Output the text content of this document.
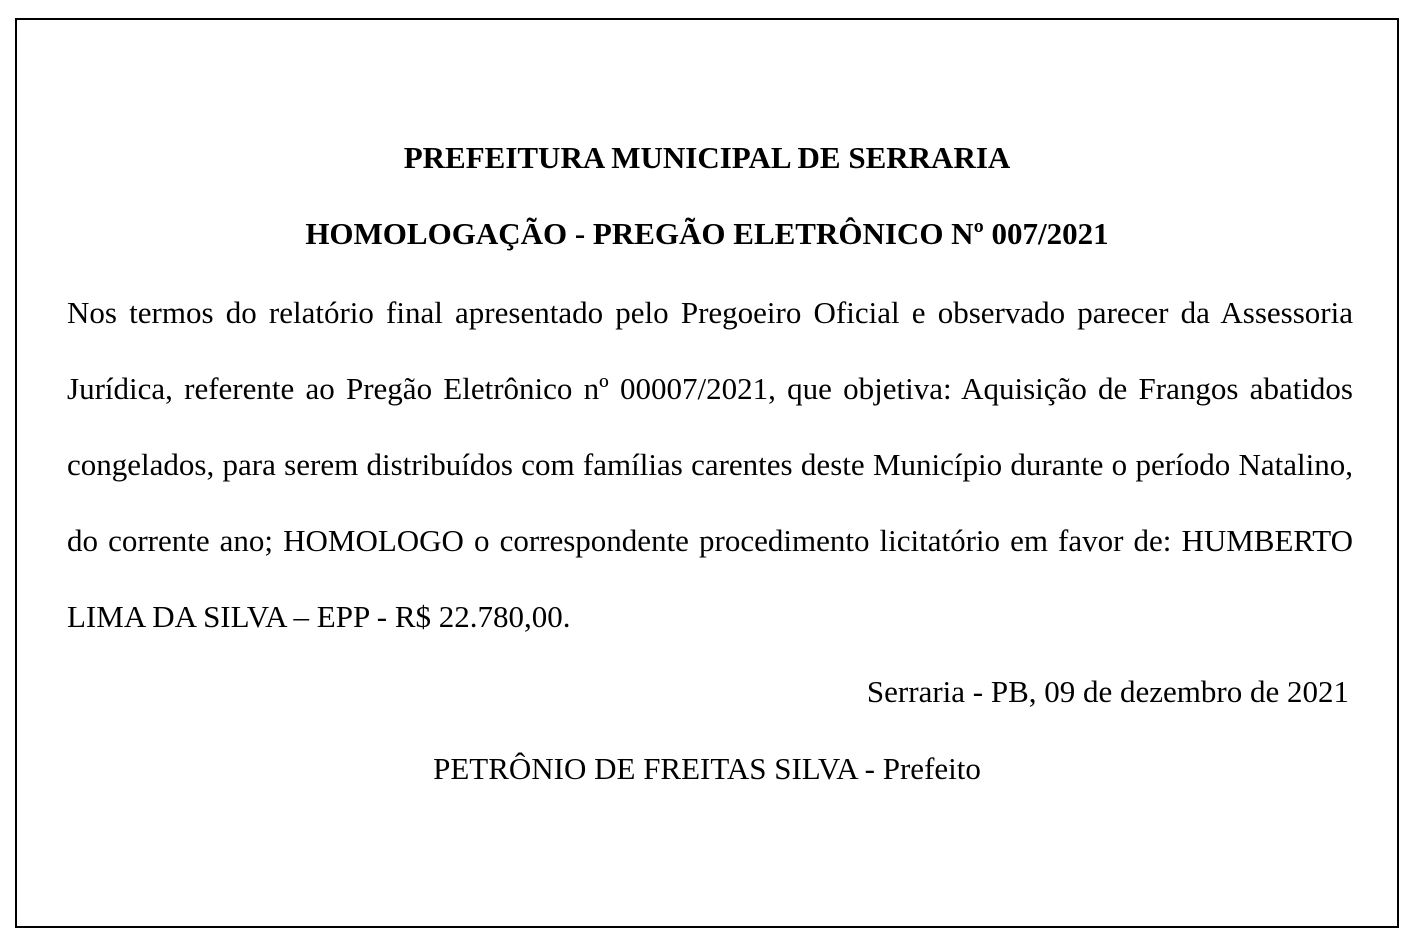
PREFEITURA MUNICIPAL DE SERRARIA
HOMOLOGAÇÃO - PREGÃO ELETRÔNICO Nº 007/2021

Nos termos do relatório final apresentado pelo Pregoeiro Oficial e observado parecer da Assessoria Jurídica, referente ao Pregão Eletrônico nº 00007/2021, que objetiva: Aquisição de Frangos abatidos congelados, para serem distribuídos com famílias carentes deste Município durante o período Natalino, do corrente ano; HOMOLOGO o correspondente procedimento licitatório em favor de: HUMBERTO LIMA DA SILVA – EPP - R$ 22.780,00.

Serraria - PB, 09 de dezembro de 2021
PETRÔNIO DE FREITAS SILVA - Prefeito
